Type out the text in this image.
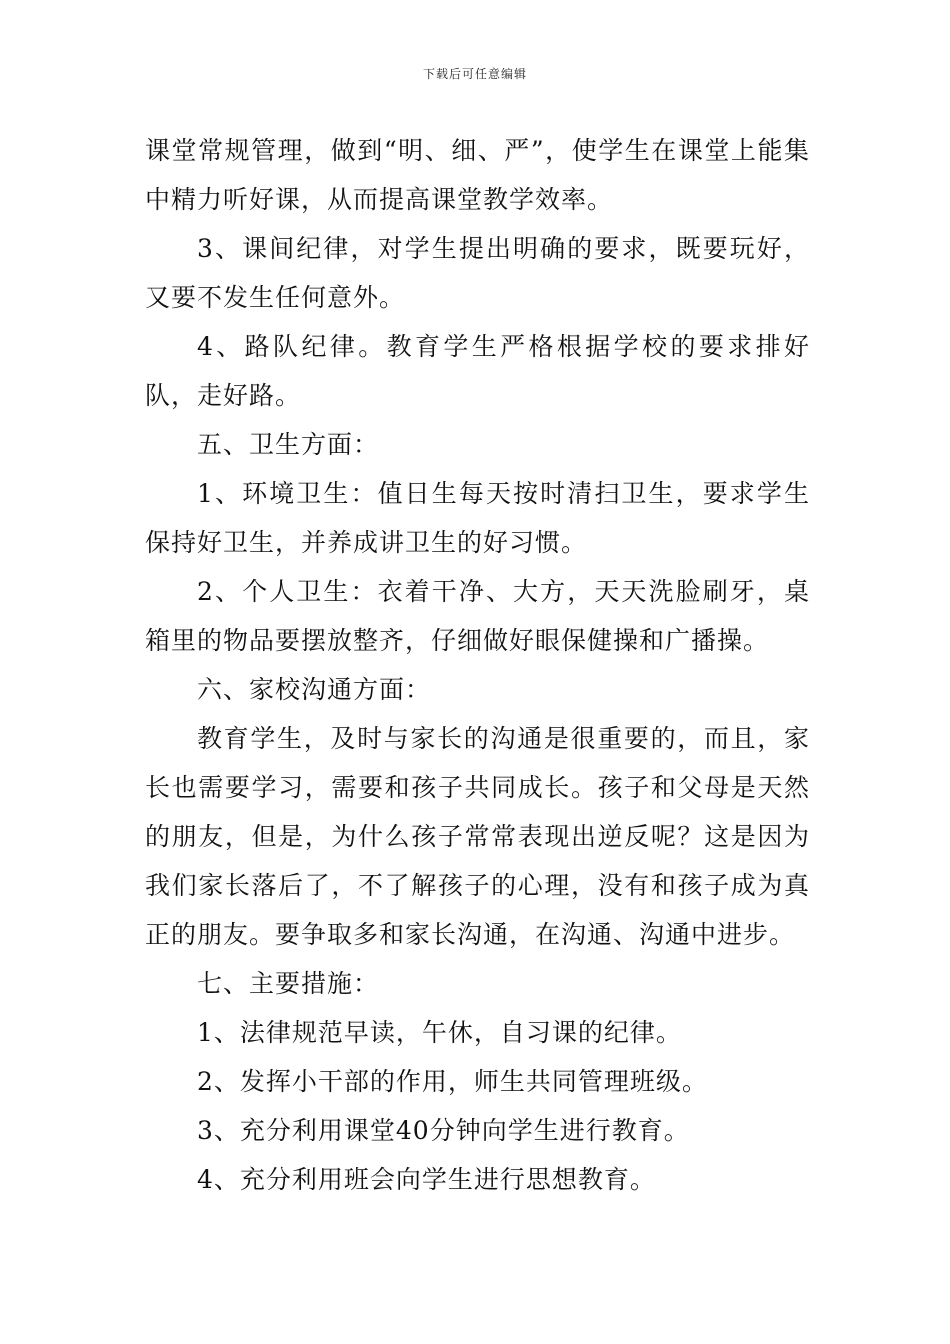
下载后可任意编辑

课堂常规管理，做到“明、细、严”，使学生在课堂上能集中精力听好课，从而提高课堂教学效率。

3、课间纪律，对学生提出明确的要求，既要玩好，又要不发生任何意外。

4、路队纪律。教育学生严格根据学校的要求排好队，走好路。

五、卫生方面：

1、环境卫生：值日生每天按时清扫卫生，要求学生保持好卫生，并养成讲卫生的好习惯。

2、个人卫生：衣着干净、大方，天天洗脸刷牙，桌箱里的物品要摆放整齐，仔细做好眼保健操和广播操。

六、家校沟通方面：

教育学生，及时与家长的沟通是很重要的，而且，家长也需要学习，需要和孩子共同成长。孩子和父母是天然的朋友，但是，为什么孩子常常表现出逆反呢？这是因为我们家长落后了，不了解孩子的心理，没有和孩子成为真正的朋友。要争取多和家长沟通，在沟通、沟通中进步。

七、主要措施：

1、法律规范早读，午休，自习课的纪律。

2、发挥小干部的作用，师生共同管理班级。

3、充分利用课堂40分钟向学生进行教育。

4、充分利用班会向学生进行思想教育。
